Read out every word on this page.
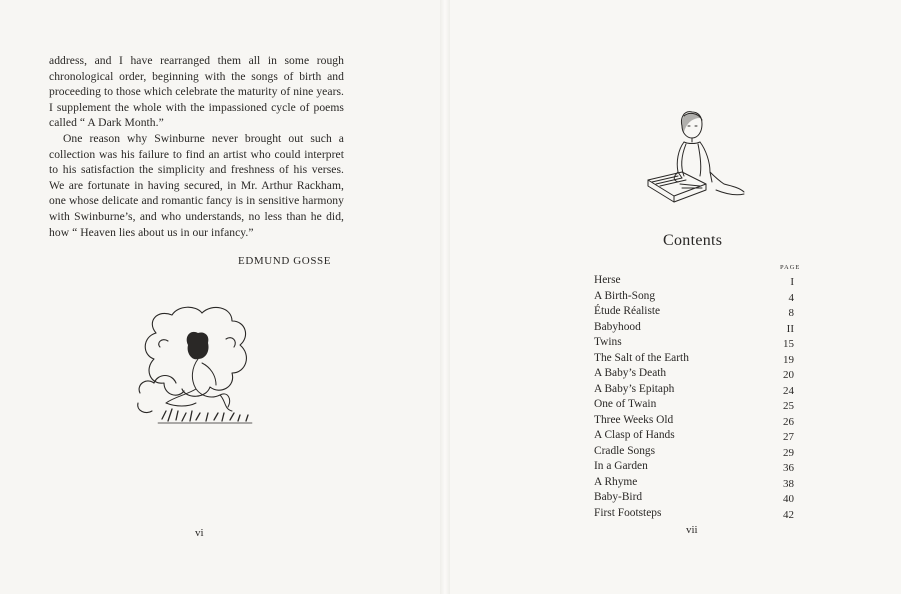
address, and I have rearranged them all in some rough chronological order, beginning with the songs of birth and proceeding to those which celebrate the maturity of nine years. I supplement the whole with the impassioned cycle of poems called “ A Dark Month.”

One reason why Swinburne never brought out such a collection was his failure to find an artist who could interpret to his satisfaction the simplicity and freshness of his verses. We are fortunate in having secured, in Mr. Arthur Rackham, one whose delicate and romantic fancy is in sensitive harmony with Swinburne’s, and who understands, no less than he did, how “ Heaven lies about us in our infancy.”

EDMUND GOSSE
vi
Contents
PAGE
Herse	I
A Birth-Song	4
Étude Réaliste	8
Babyhood	II
Twins	15
The Salt of the Earth	19
A Baby’s Death	20
A Baby’s Epitaph	24
One of Twain	25
Three Weeks Old	26
A Clasp of Hands	27
Cradle Songs	29
In a Garden	36
A Rhyme	38
Baby-Bird	40
First Footsteps	42
vii
